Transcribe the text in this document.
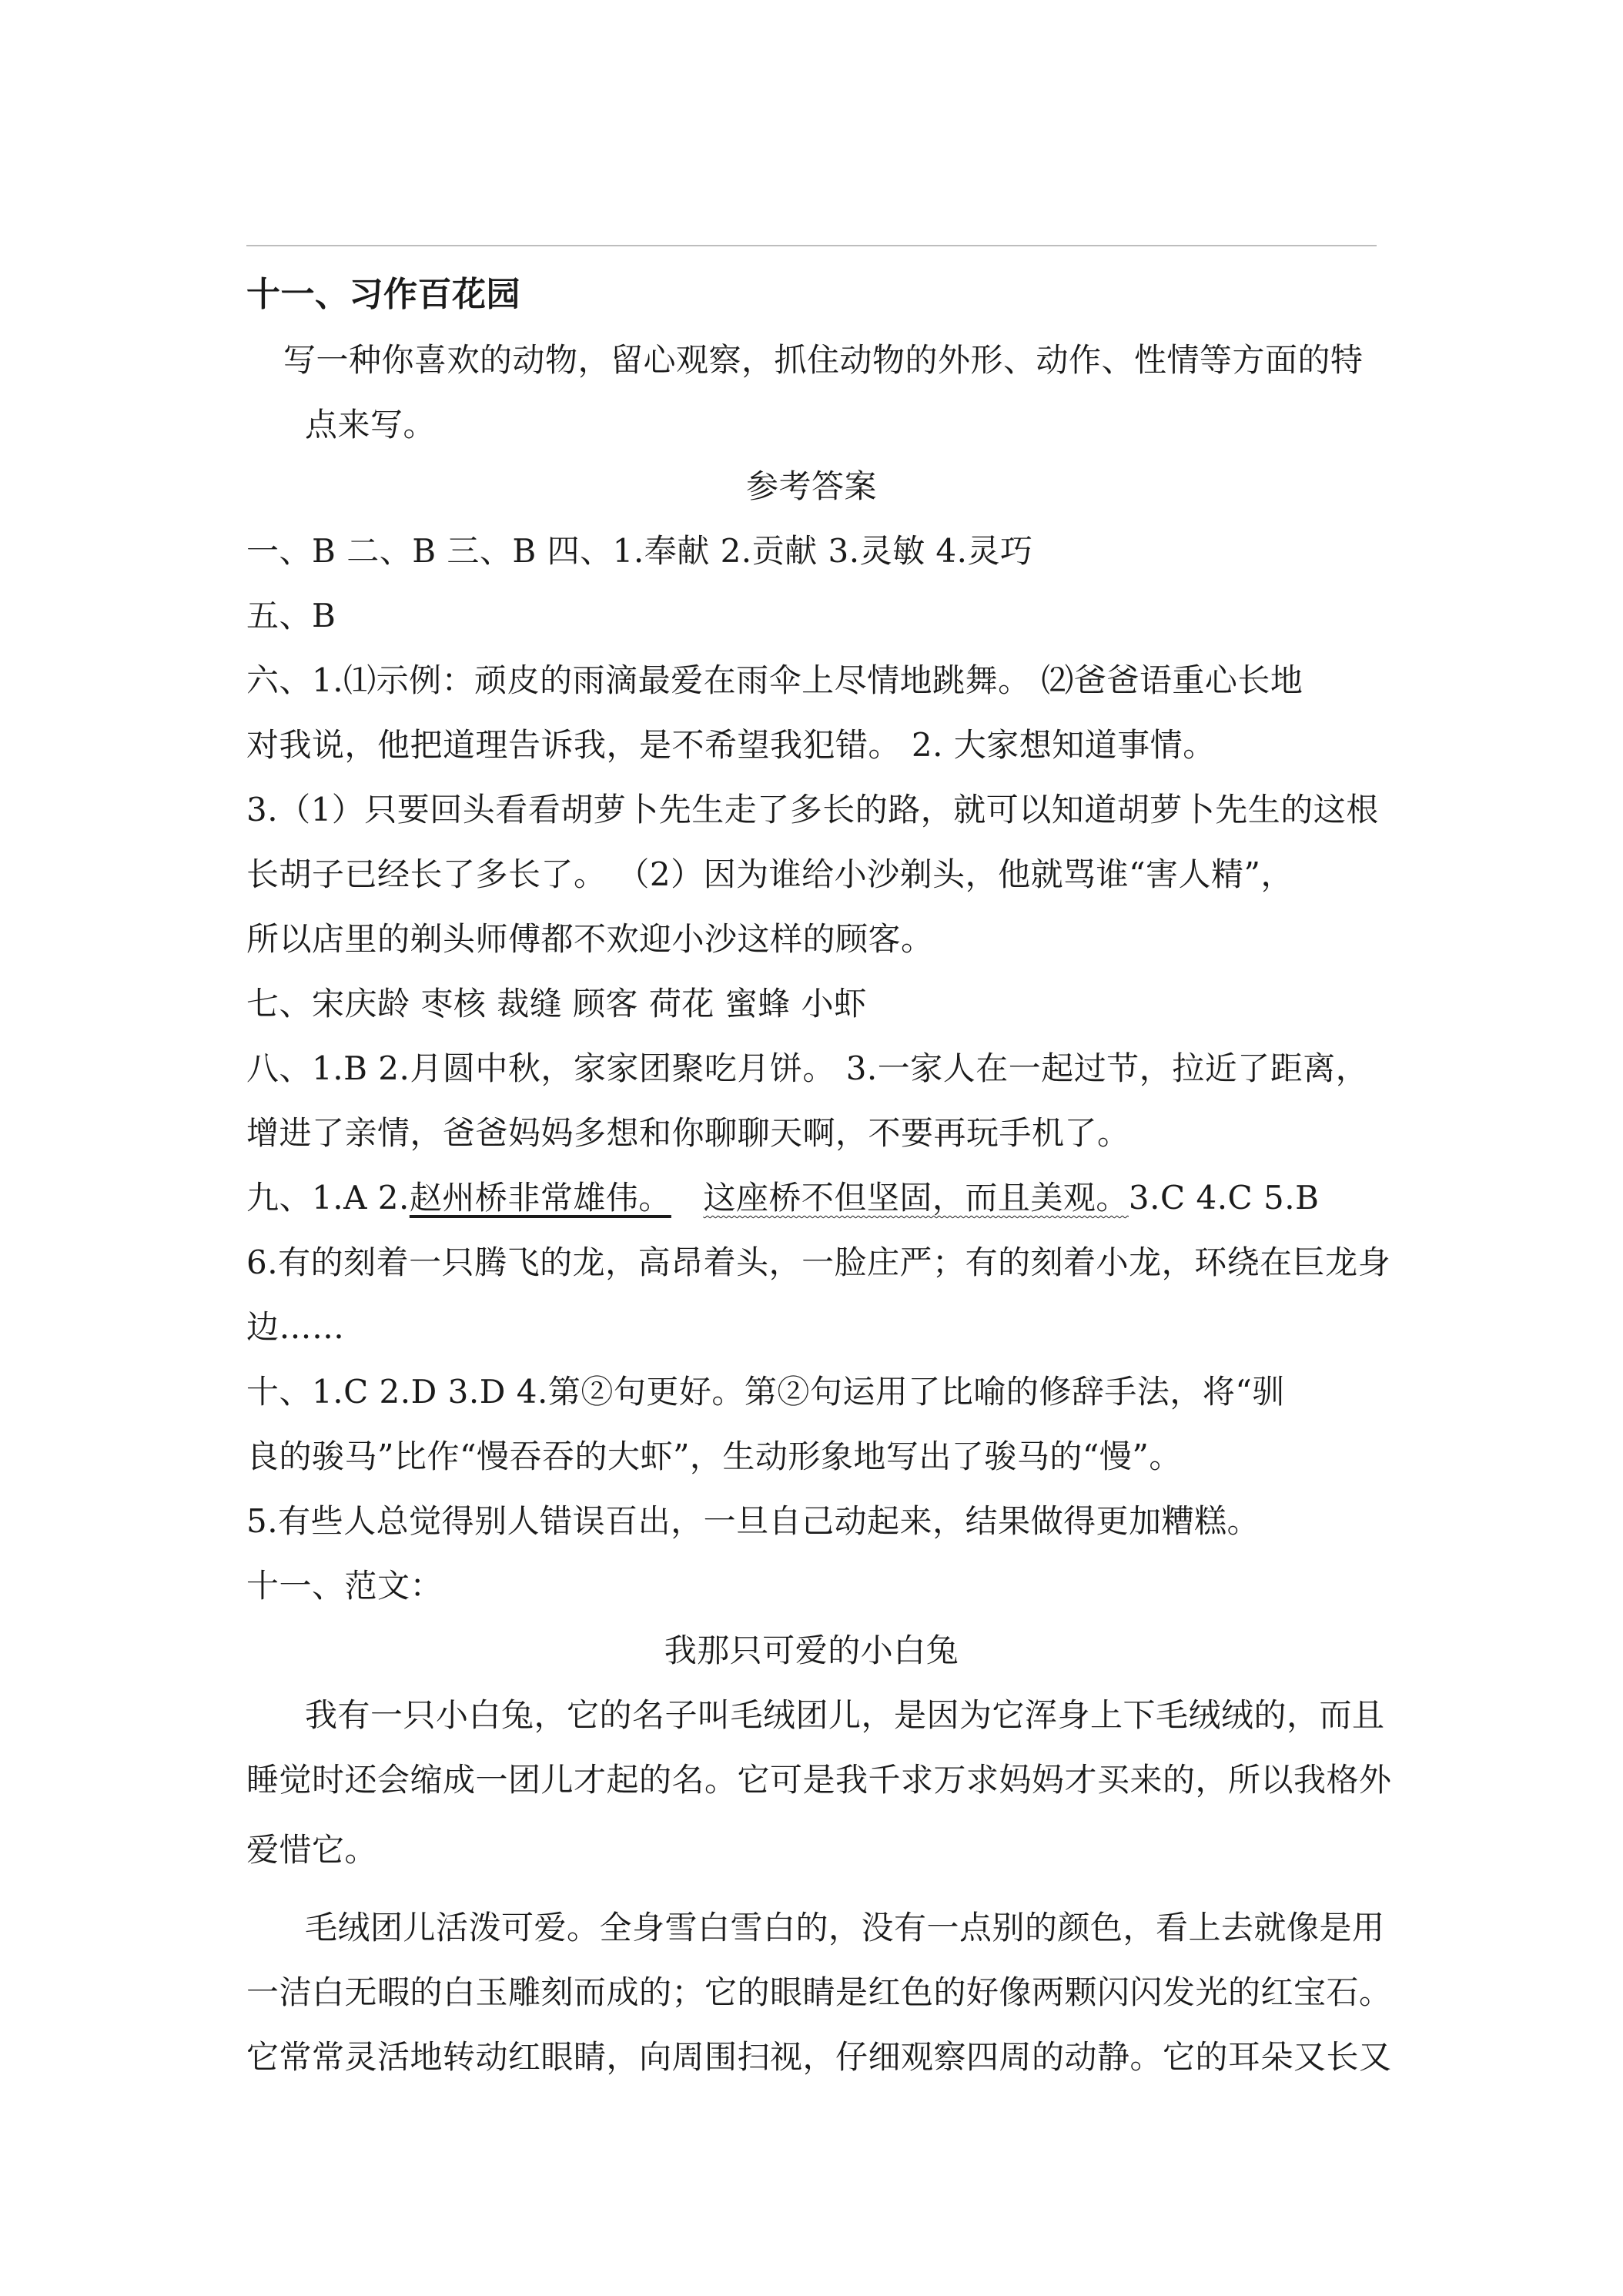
十一、习作百花园
写一种你喜欢的动物，留心观察，抓住动物的外形、动作、性情等方面的特
点来写。
参考答案
一、B 二、B 三、B 四、1.奉献 2.贡献 3.灵敏 4.灵巧
五、B
六、1.⑴示例：顽皮的雨滴最爱在雨伞上尽情地跳舞。 ⑵爸爸语重心长地
对我说，他把道理告诉我，是不希望我犯错。 2. 大家想知道事情。
3.（1）只要回头看看胡萝卜先生走了多长的路，就可以知道胡萝卜先生的这根
长胡子已经长了多长了。 （2）因为谁给小沙剃头，他就骂谁“害人精”，
所以店里的剃头师傅都不欢迎小沙这样的顾客。
七、宋庆龄 枣核 裁缝 顾客 荷花 蜜蜂 小虾
八、1.B 2.月圆中秋，家家团聚吃月饼。 3.一家人在一起过节，拉近了距离，
增进了亲情，爸爸妈妈多想和你聊聊天啊，不要再玩手机了。
九、1.A 2.赵州桥非常雄伟。 这座桥不但坚固，而且美观。3.C 4.C 5.B
6.有的刻着一只腾飞的龙，高昂着头，一脸庄严；有的刻着小龙，环绕在巨龙身
边……
十、1.C 2.D 3.D 4.第②句更好。第②句运用了比喻的修辞手法，将“驯
良的骏马”比作“慢吞吞的大虾”，生动形象地写出了骏马的“慢”。
5.有些人总觉得别人错误百出，一旦自己动起来，结果做得更加糟糕。
十一、范文：
我那只可爱的小白兔
我有一只小白兔，它的名子叫毛绒团儿，是因为它浑身上下毛绒绒的，而且
睡觉时还会缩成一团儿才起的名。它可是我千求万求妈妈才买来的，所以我格外
爱惜它。
毛绒团儿活泼可爱。全身雪白雪白的，没有一点别的颜色，看上去就像是用
一洁白无暇的白玉雕刻而成的；它的眼睛是红色的好像两颗闪闪发光的红宝石。
它常常灵活地转动红眼睛，向周围扫视，仔细观察四周的动静。它的耳朵又长又
